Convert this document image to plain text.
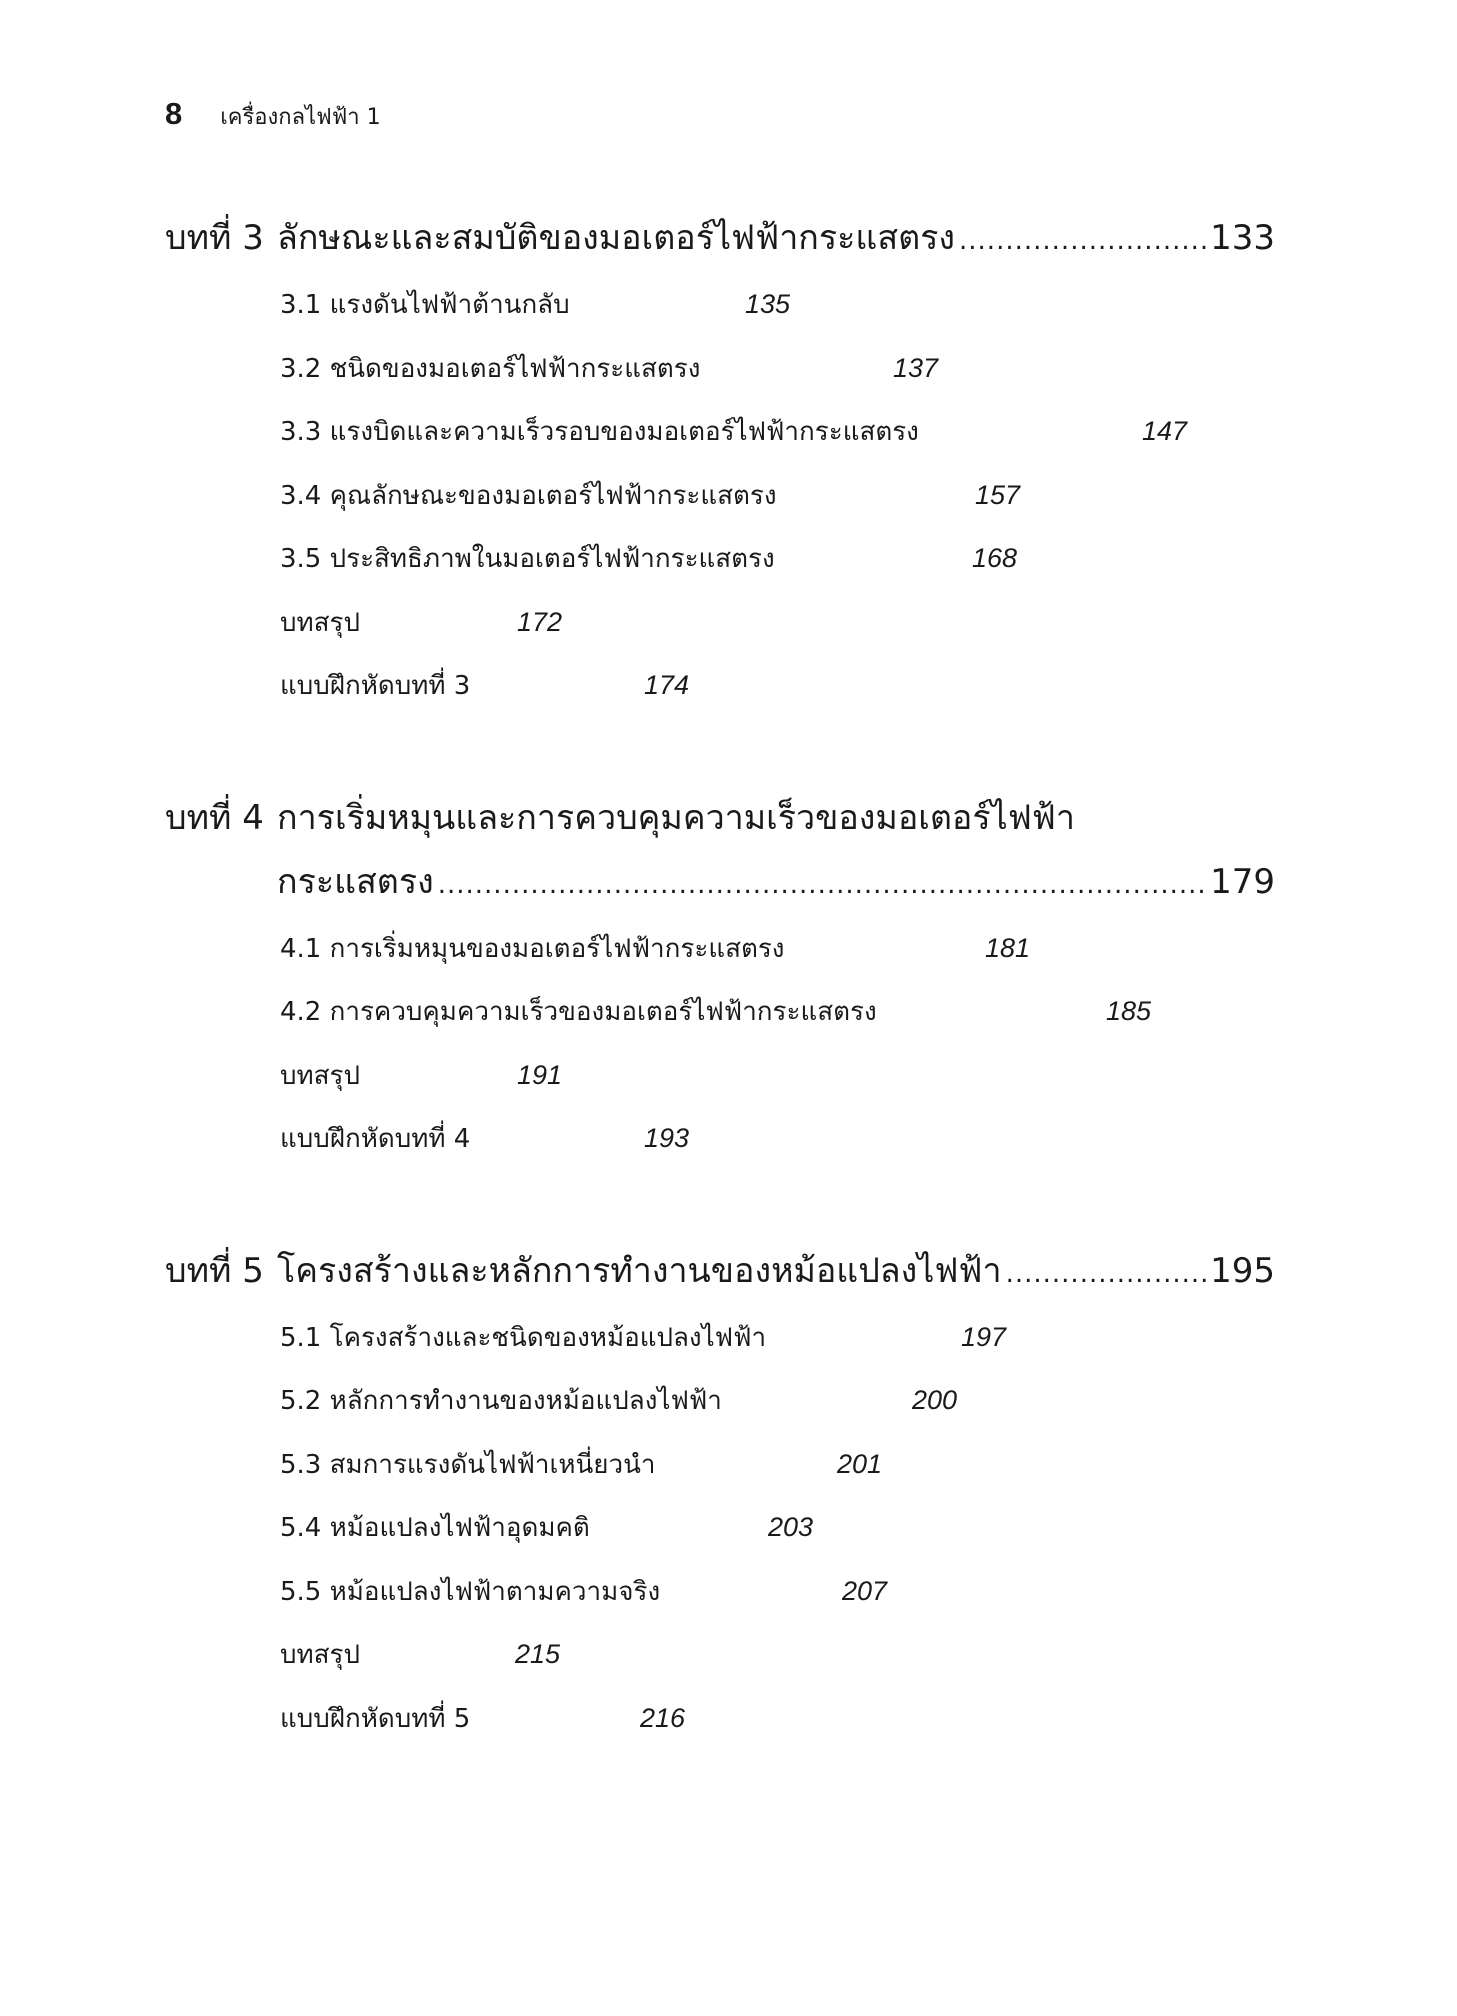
8 เครื่องกลไฟฟ้า 1
บทที่ 3 ลักษณะและสมบัติของมอเตอร์ไฟฟ้ากระแสตรง .....	133
3.1 แรงดันไฟฟ้าต้านกลับ	135
3.2 ชนิดของมอเตอร์ไฟฟ้ากระแสตรง	137
3.3 แรงบิดและความเร็วรอบของมอเตอร์ไฟฟ้ากระแสตรง	147
3.4 คุณลักษณะของมอเตอร์ไฟฟ้ากระแสตรง	157
3.5 ประสิทธิภาพในมอเตอร์ไฟฟ้ากระแสตรง	168
บทสรุป	172
แบบฝึกหัดบทที่ 3	174
บทที่ 4 การเริ่มหมุนและการควบคุมความเร็วของมอเตอร์ไฟฟ้า
กระแสตรง .....	179
4.1 การเริ่มหมุนของมอเตอร์ไฟฟ้ากระแสตรง	181
4.2 การควบคุมความเร็วของมอเตอร์ไฟฟ้ากระแสตรง	185
บทสรุป	191
แบบฝึกหัดบทที่ 4	193
บทที่ 5 โครงสร้างและหลักการทำงานของหม้อแปลงไฟฟ้า .....	195
5.1 โครงสร้างและชนิดของหม้อแปลงไฟฟ้า	197
5.2 หลักการทำงานของหม้อแปลงไฟฟ้า	200
5.3 สมการแรงดันไฟฟ้าเหนี่ยวนำ	201
5.4 หม้อแปลงไฟฟ้าอุดมคติ	203
5.5 หม้อแปลงไฟฟ้าตามความจริง	207
บทสรุป	215
แบบฝึกหัดบทที่ 5	216
